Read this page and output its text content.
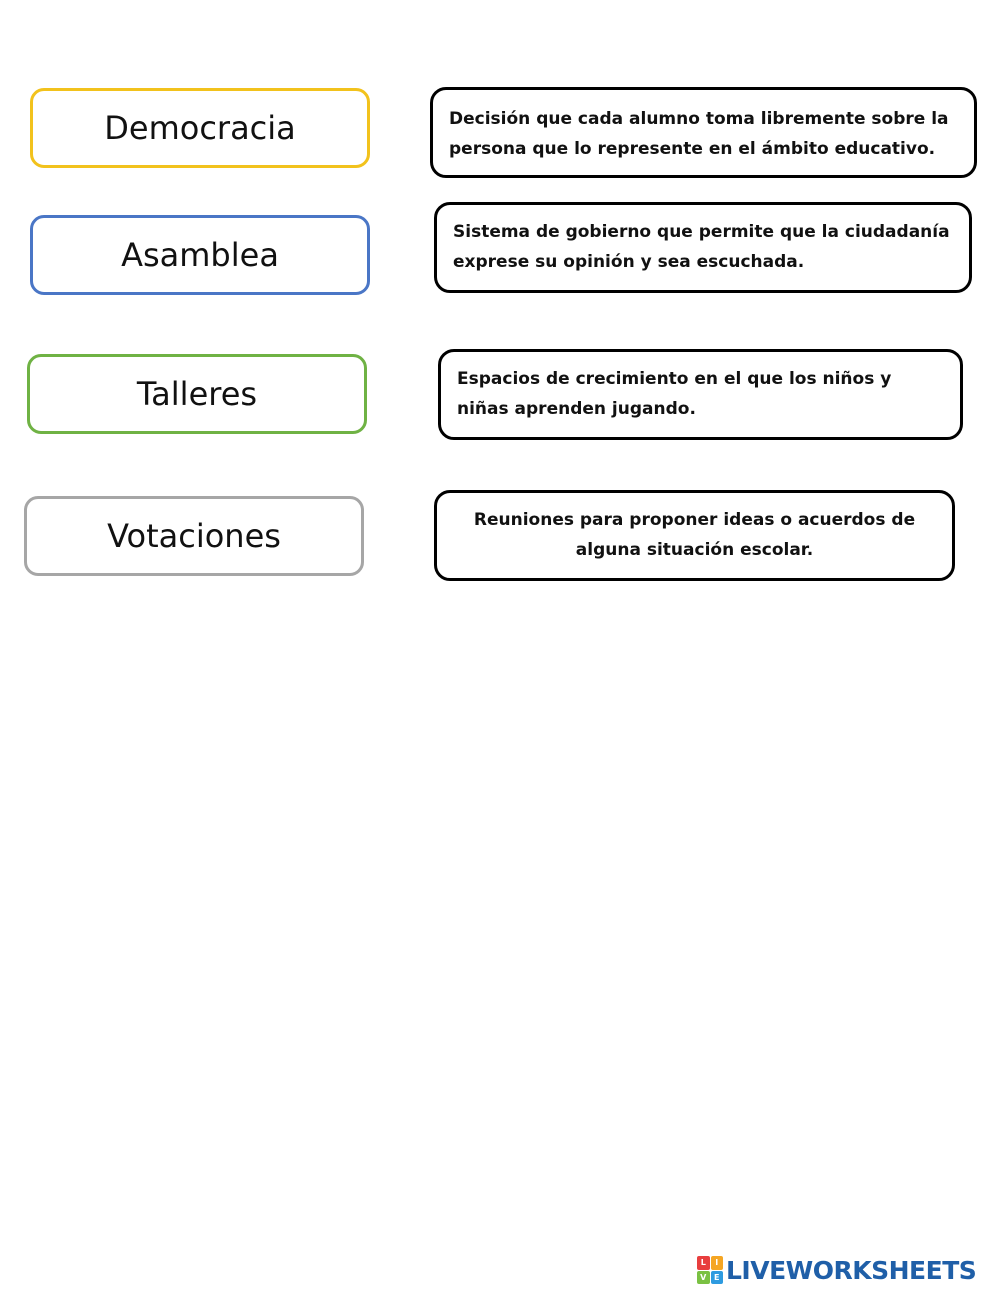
Democracia
Asamblea
Talleres
Votaciones
Decisión que cada alumno toma libremente sobre la persona que lo represente en el ámbito educativo.
Sistema de gobierno que permite que la ciudadanía exprese su opinión y sea escuchada.
Espacios de crecimiento en el que los niños y niñas aprenden jugando.
Reuniones para proponer ideas o acuerdos de alguna situación escolar.
L	I
V E LIVEWORKSHEETS
